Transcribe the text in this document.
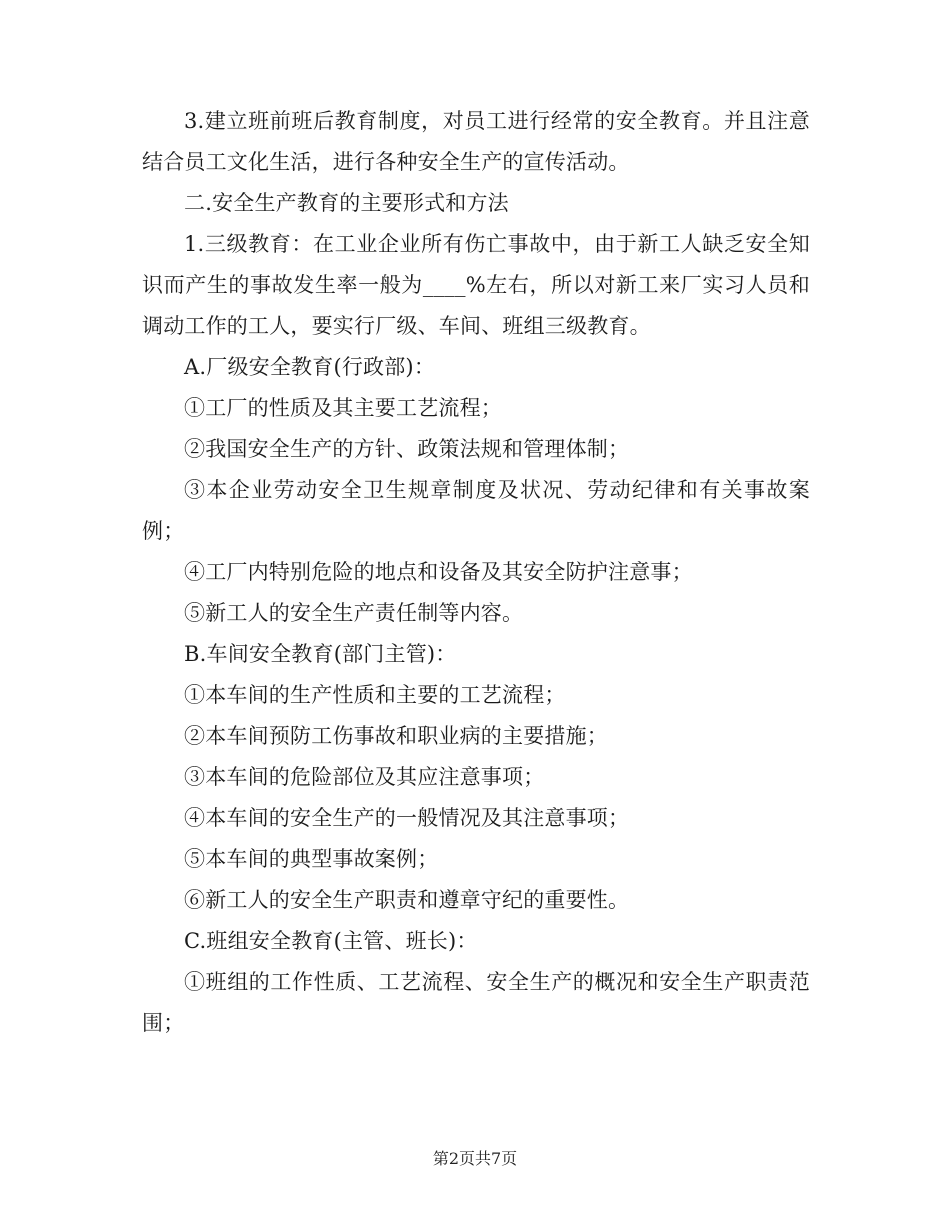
3.建立班前班后教育制度，对员工进行经常的安全教育。并且注意结合员工文化生活，进行各种安全生产的宣传活动。

二.安全生产教育的主要形式和方法

1.三级教育：在工业企业所有伤亡事故中，由于新工人缺乏安全知识而产生的事故发生率一般为____%左右，所以对新工来厂实习人员和调动工作的工人，要实行厂级、车间、班组三级教育。

A.厂级安全教育(行政部)：

①工厂的性质及其主要工艺流程；

②我国安全生产的方针、政策法规和管理体制；

③本企业劳动安全卫生规章制度及状况、劳动纪律和有关事故案例；

④工厂内特别危险的地点和设备及其安全防护注意事；

⑤新工人的安全生产责任制等内容。

B.车间安全教育(部门主管)：

①本车间的生产性质和主要的工艺流程；

②本车间预防工伤事故和职业病的主要措施；

③本车间的危险部位及其应注意事项；

④本车间的安全生产的一般情况及其注意事项；

⑤本车间的典型事故案例；

⑥新工人的安全生产职责和遵章守纪的重要性。

C.班组安全教育(主管、班长)：

①班组的工作性质、工艺流程、安全生产的概况和安全生产职责范围；

第2页共7页
